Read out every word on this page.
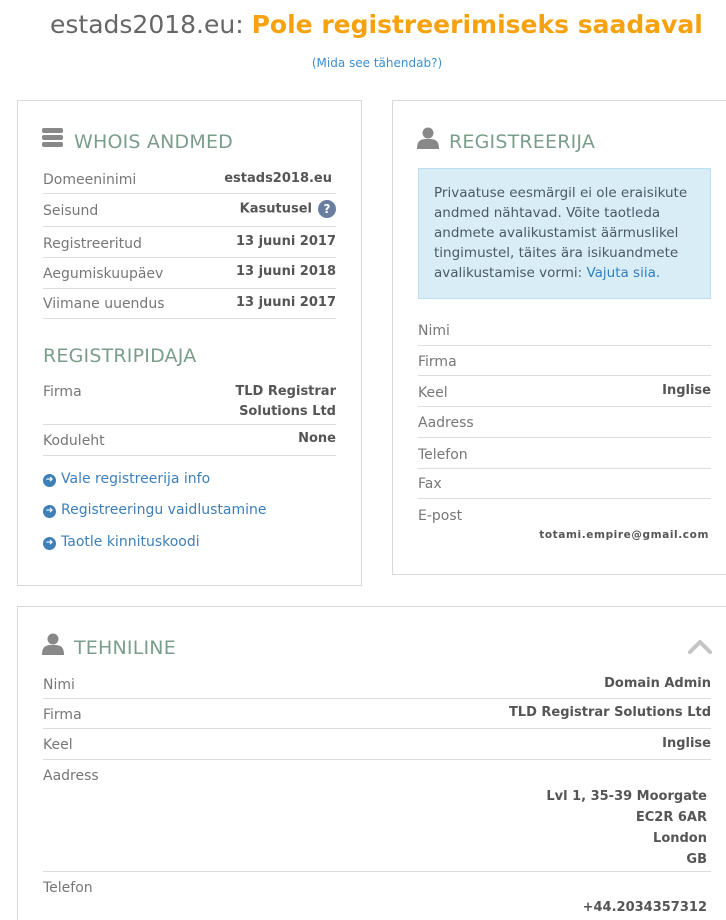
estads2018.eu: Pole registreerimiseks saadaval
(Mida see tähendab?)
WHOIS ANDMED
Domeeninimi	estads2018.eu
Seisund	Kasutusel ?
Registreeritud	13 juuni 2017
Aegumiskuupäev	13 juuni 2018
Viimane uuendus	13 juuni 2017
REGISTRIPIDAJA
Firma	TLD Registrar
Solutions Ltd
Koduleht	None
➜ Vale registreerija info
➜ Registreeringu vaidlustamine
➜ Taotle kinnituskoodi
REGISTREERIJA
Privaatuse eesmärgil ei ole eraisikute andmed nähtavad. Võite taotleda andmete avalikustamist äärmuslikel tingimustel, täites ära isikuandmete avalikustamise vormi: Vajuta siia.
Nimi
Firma
Keel	Inglise
Aadress
Telefon
Fax
E-post
totami.empire@gmail.com
TEHNILINE
Nimi	Domain Admin
Firma	TLD Registrar Solutions Ltd
Keel	Inglise
Aadress
Lvl 1, 35-39 Moorgate
EC2R 6AR
London
GB
Telefon
+44.2034357312
